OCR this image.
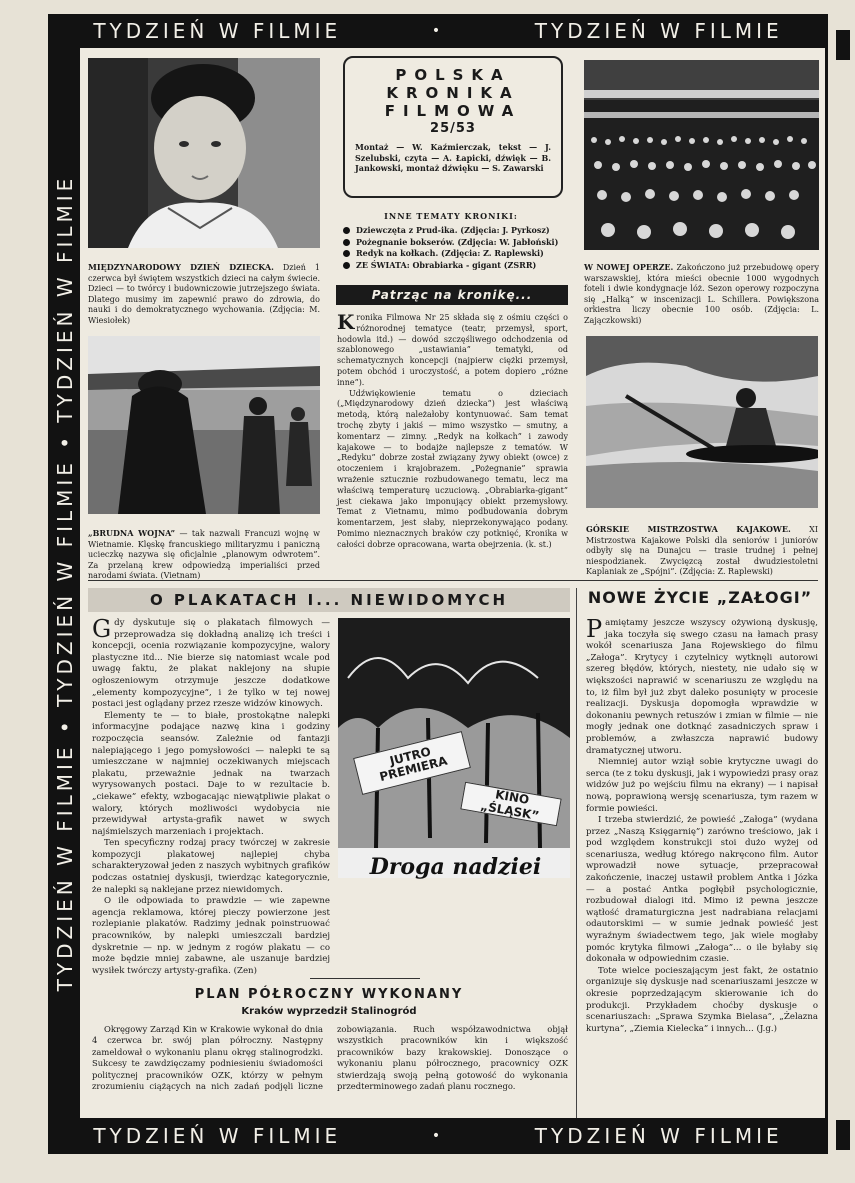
TYDZIEŃ W FILMIE	•	TYDZIEŃ W FILMIE
TYDZIEŃ W FILMIE	•	TYDZIEŃ W FILMIE
TYDZIEŃ W FILMIE • TYDZIEŃ W FILMIE • TYDZIEŃ W FILMIE MIĘDZYNARODOWY DZIEŃ DZIECKA. Dzień 1 czerwca był świętem wszystkich dzieci na całym świecie. Dzieci — to twórcy i budowniczowie jutrzejszego świata. Dlatego musimy im zapewnić prawo do zdrowia, do nauki i do demokratycznego wychowania. (Zdjęcia: M. Wiesiołek)
POLSKA
KRONIKA
FILMOWA
25/53
Montaż — W. Kaźmierczak, tekst — J. Szelubski, czyta — A. Łapicki, dźwięk — B. Jankowski, montaż dźwięku — S. Zawarski
INNE TEMATY KRONIKI:
Dziewczęta z Prud-ika. (Zdjęcia: J. Pyrkosz)
Pożegnanie bokserów. (Zdjęcia: W. Jabłoński)
Redyk na kołkach. (Zdjęcia: Z. Raplewski)
ZE ŚWIATA: Obrabiarka - gigant (ZSRR)
Patrząc na kronikę...

Kronika Filmowa Nr 25 składa się z ośmiu części o różnorodnej tematyce (teatr, przemysł, sport, hodowla itd.) — dowód szczęśliwego odchodzenia od szablonowego „ustawiania” tematyki, od schematycznych koncepcji (najpierw ciężki przemysł, potem obchód i uroczystość, a potem dopiero „różne inne”).

Udźwiękowienie tematu o dzieciach („Międzynarodowy dzień dziecka”) jest właściwą metodą, którą należałoby kontynuować. Sam temat trochę zbyty i jakiś — mimo wszystko — smutny, a komentarz — zimny. „Redyk na kołkach” i zawody kajakowe — to bodajże najlepsze z tematów. W „Redyku” dobrze został związany żywy obiekt (owce) z otoczeniem i krajobrazem. „Pożegnanie” sprawia wrażenie sztucznie rozbudowanego tematu, lecz ma właściwą temperaturę uczuciową. „Obrabiarka-gigant” jest ciekawa jako imponujący obiekt przemysłowy. Temat z Vietnamu, mimo podbudowania dobrym komentarzem, jest słaby, nieprzekonywająco podany. Pomimo nieznacznych braków czy potknięć, Kronika w całości dobrze opracowana, warta obejrzenia. (k. st.)

W NOWEJ OPERZE. Zakończono już przebudowę opery warszawskiej, która mieści obecnie 1000 wygodnych foteli i dwie kondygnacje lóż. Sezon operowy rozpoczyna się „Halką” w inscenizacji L. Schillera. Powiększona orkiestra liczy obecnie 100 osób. (Zdjęcia: L. Zajączkowski)
„BRUDNA WOJNA” — tak nazwali Francuzi wojnę w Wietnamie. Klęskę francuskiego militaryzmu i paniczną ucieczkę nazywa się oficjalnie „planowym odwrotem”. Za przelaną krew odpowiedzą imperialiści przed narodami świata. (Vietnam)
GÓRSKIE MISTRZOSTWA KAJAKOWE. XI Mistrzostwa Kajakowe Polski dla seniorów i juniorów odbyły się na Dunajcu — trasie trudnej i pełnej niespodzianek. Zwycięzcą został dwudziestoletni Kaplaniak ze „Spójni”. (Zdjęcia: Z. Raplewski)
O PLAKATACH I... NIEWIDOMYCH

Gdy dyskutuje się o plakatach filmowych — przeprowadza się dokładną analizę ich treści i koncepcji, ocenia rozwiązanie kompozycyjne, walory plastyczne itd... Nie bierze się natomiast wcale pod uwagę faktu, że plakat naklejony na słupie ogłoszeniowym otrzymuje jeszcze dodatkowe „elementy kompozycyjne”, i że tylko w tej nowej postaci jest oglądany przez rzesze widzów kinowych.

Elementy te — to białe, prostokątne nalepki informacyjne podające nazwę kina i godziny rozpoczęcia seansów. Zależnie od fantazji nalepiającego i jego pomysłowości — nalepki te są umieszczane w najmniej oczekiwanych miejscach plakatu, przeważnie jednak na twarzach wyrysowanych postaci. Daje to w rezultacie b. „ciekawe” efekty, wzbogacając niewątpliwie plakat o walory, których możliwości wydobycia nie przewidywał artysta-grafik nawet w swych najśmielszych marzeniach i projektach.

Ten specyficzny rodzaj pracy twórczej w zakresie kompozycji plakatowej najlepiej chyba scharakteryzował jeden z naszych wybitnych grafików podczas ostatniej dyskusji, twierdząc kategorycznie, że nalepki są naklejane przez niewidomych.

O ile odpowiada to prawdzie — wie zapewne agencja reklamowa, której pieczy powierzone jest rozlepianie plakatów. Radzimy jednak poinstruować pracowników, by nalepki umieszczali bardziej dyskretnie — np. w jednym z rogów plakatu — co może będzie mniej zabawne, ale uszanuje bardziej wysiłek twórczy artysty-grafika. (Zen)

JUTRO PREMIERA
KINO „ŚLĄSK”
Droga nadziei
PLAN PÓŁROCZNY WYKONANY
Kraków wyprzedził Stalinogród

Okręgowy Zarząd Kin w Krakowie wykonał do dnia 4 czerwca br. swój plan półroczny. Następny zameldował o wykonaniu planu okręg stalinogrodzki. Sukcesy te zawdzięczamy podniesieniu świadomości politycznej pracowników OZK, którzy w pełnym zrozumieniu ciążących na nich zadań podjęli liczne zobowiązania. Ruch współzawodnictwa objął wszystkich pracowników kin i większość pracowników bazy krakowskiej. Donoszące o wykonaniu planu półrocznego, pracownicy OZK stwierdzają swoją pełną gotowość do wykonania przedterminowego zadań planu rocznego.

NOWE ŻYCIE „ZAŁOGI”

Pamiętamy jeszcze wszyscy ożywioną dyskusję, jaka toczyła się swego czasu na łamach prasy wokół scenariusza Jana Rojewskiego do filmu „Załoga”. Krytycy i czytelnicy wytknęli autorowi szereg błędów, których, niestety, nie udało się w większości naprawić w scenariuszu ze względu na to, iż film był już zbyt daleko posunięty w procesie realizacji. Dyskusja dopomogła wprawdzie w dokonaniu pewnych retuszów i zmian w filmie — nie mogły jednak one dotknąć zasadniczych spraw i problemów, a zwłaszcza naprawić budowy dramatycznej utworu.

Niemniej autor wziął sobie krytyczne uwagi do serca (te z toku dyskusji, jak i wypowiedzi prasy oraz widzów już po wejściu filmu na ekrany) — i napisał nową, poprawioną wersję scenariusza, tym razem w formie powieści.

I trzeba stwierdzić, że powieść „Załoga” (wydana przez „Naszą Księgarnię”) zarówno treściowo, jak i pod względem konstrukcji stoi dużo wyżej od scenariusza, według którego nakręcono film. Autor wprowadził nowe sytuacje, przepracował zakończenie, inaczej ustawił problem Antka i Józka — a postać Antka pogłębił psychologicznie, rozbudował dialogi itd. Mimo iż pewna jeszcze wątłość dramaturgiczna jest nadrabiana relacjami odautorskimi — w sumie jednak powieść jest wyraźnym świadectwem tego, jak wiele mogłaby pomóc krytyka filmowi „Załoga”... o ile byłaby się dokonała w odpowiednim czasie.

Tote wielce pocieszającym jest fakt, że ostatnio organizuje się dyskusje nad scenariuszami jeszcze w okresie poprzedzającym skierowanie ich do produkcji. Przykładem choćby dyskusje o scenariuszach: „Sprawa Szymka Bielasa”, „Żelazna kurtyna”, „Ziemia Kielecka” i innych... (J.g.)
